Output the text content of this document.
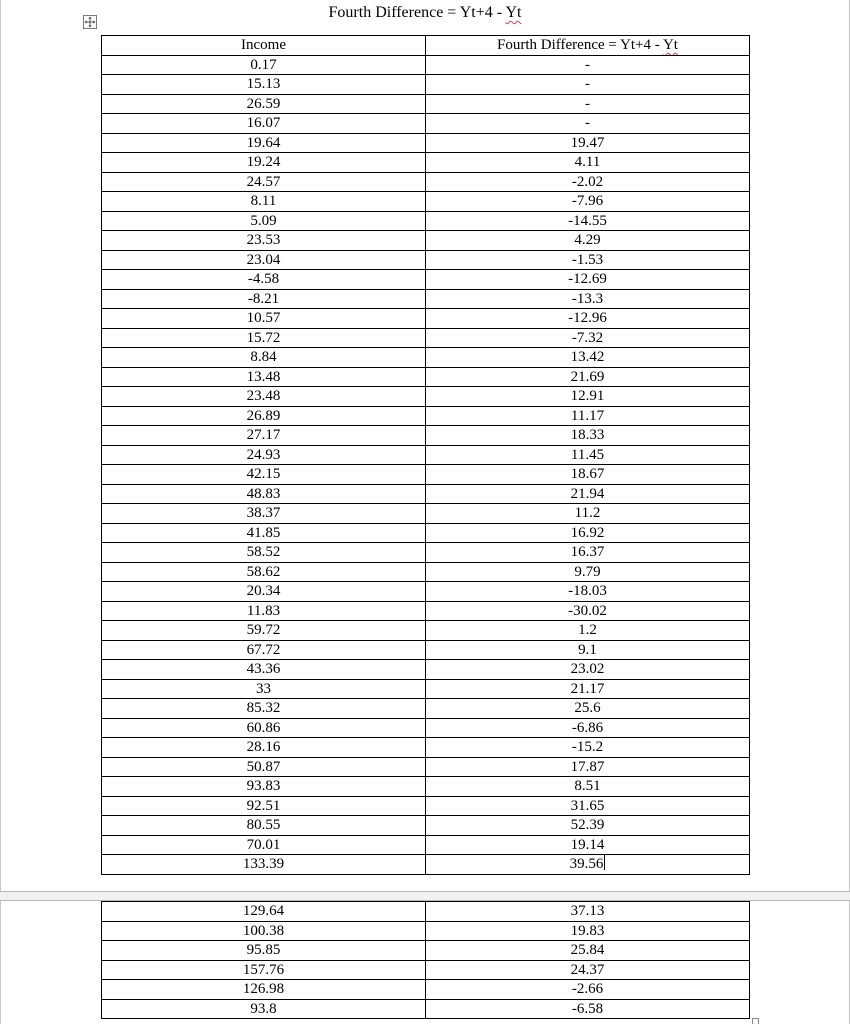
Fourth Difference = Yt+4 - Yt
Income	Fourth Difference = Yt+4 - Yt
0.17	-
15.13	-
26.59	-
16.07	-
19.64	19.47
19.24	4.11
24.57	-2.02
8.11	-7.96
5.09	-14.55
23.53	4.29
23.04	-1.53
-4.58	-12.69
-8.21	-13.3
10.57	-12.96
15.72	-7.32
8.84	13.42
13.48	21.69
23.48	12.91
26.89	11.17
27.17	18.33
24.93	11.45
42.15	18.67
48.83	21.94
38.37	11.2
41.85	16.92
58.52	16.37
58.62	9.79
20.34	-18.03
11.83	-30.02
59.72	1.2
67.72	9.1
43.36	23.02
33	21.17
85.32	25.6
60.86	-6.86
28.16	-15.2
50.87	17.87
93.83	8.51
92.51	31.65
80.55	52.39
70.01	19.14
133.39	39.56
129.64	37.13
100.38	19.83
95.85	25.84
157.76	24.37
126.98	-2.66
93.8	-6.58
